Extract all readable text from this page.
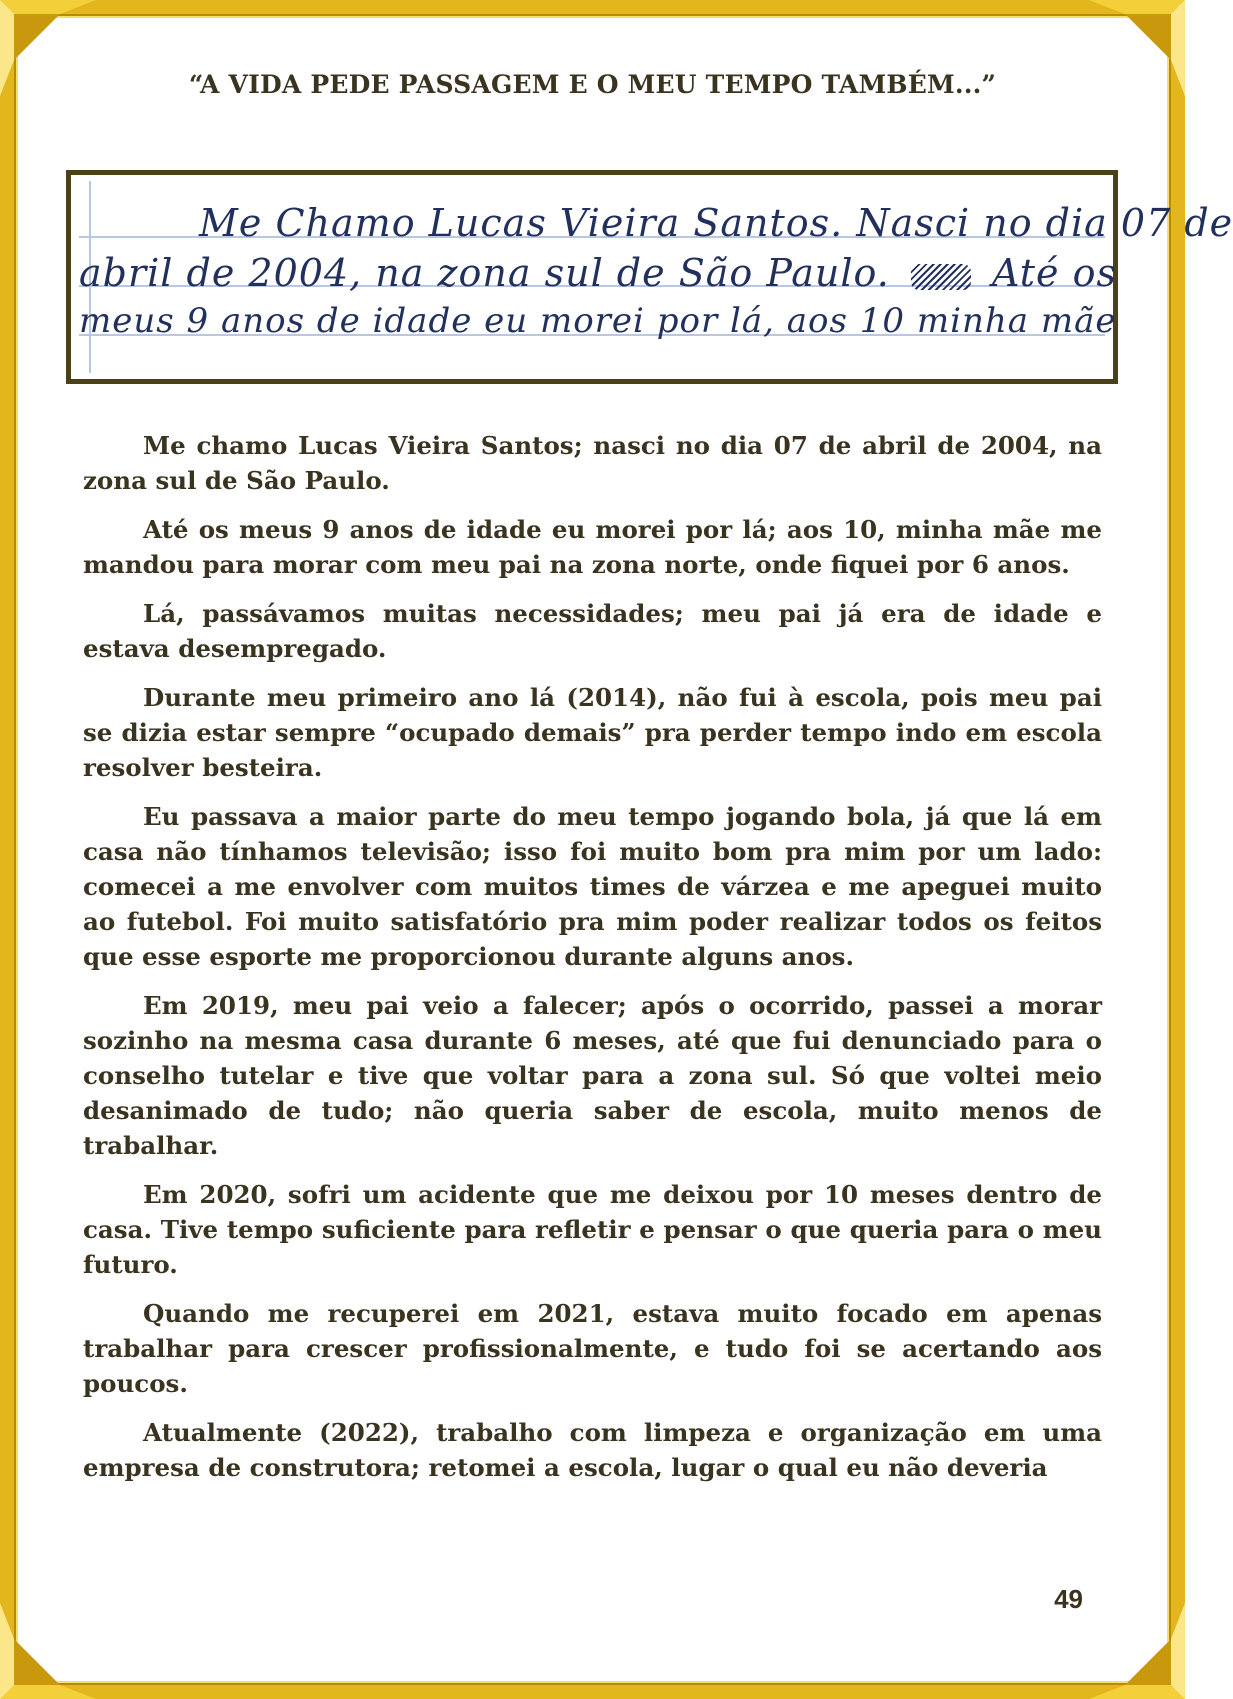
“A VIDA PEDE PASSAGEM E O MEU TEMPO TAMBÉM...”
Me Chamo Lucas Vieira Santos. Nasci no dia 07 de
abril de 2004, na zona sul de São Paulo.	Até os
meus 9 anos de idade eu morei por lá, aos 10 minha mãe

Me chamo Lucas Vieira Santos; nasci no dia 07 de abril de 2004, na zona sul de São Paulo.

Até os meus 9 anos de idade eu morei por lá; aos 10, minha mãe me mandou para morar com meu pai na zona norte, onde fiquei por 6 anos.

Lá, passávamos muitas necessidades; meu pai já era de idade e estava desempregado.

Durante meu primeiro ano lá (2014), não fui à escola, pois meu pai se dizia estar sempre “ocupado demais” pra perder tempo indo em escola resolver besteira.

Eu passava a maior parte do meu tempo jogando bola, já que lá em casa não tínhamos televisão; isso foi muito bom pra mim por um lado: comecei a me envolver com muitos times de várzea e me apeguei muito ao futebol. Foi muito satisfatório pra mim poder realizar todos os feitos que esse esporte me proporcionou durante alguns anos.

Em 2019, meu pai veio a falecer; após o ocorrido, passei a morar sozinho na mesma casa durante 6 meses, até que fui denunciado para o conselho tutelar e tive que voltar para a zona sul. Só que voltei meio desanimado de tudo; não queria saber de escola, muito menos de trabalhar.

Em 2020, sofri um acidente que me deixou por 10 meses dentro de casa. Tive tempo suficiente para refletir e pensar o que queria para o meu futuro.

Quando me recuperei em 2021, estava muito focado em apenas trabalhar para crescer profissionalmente, e tudo foi se acertando aos poucos.

Atualmente (2022), trabalho com limpeza e organização em uma empresa de construtora; retomei a escola, lugar o qual eu não deveria

49
